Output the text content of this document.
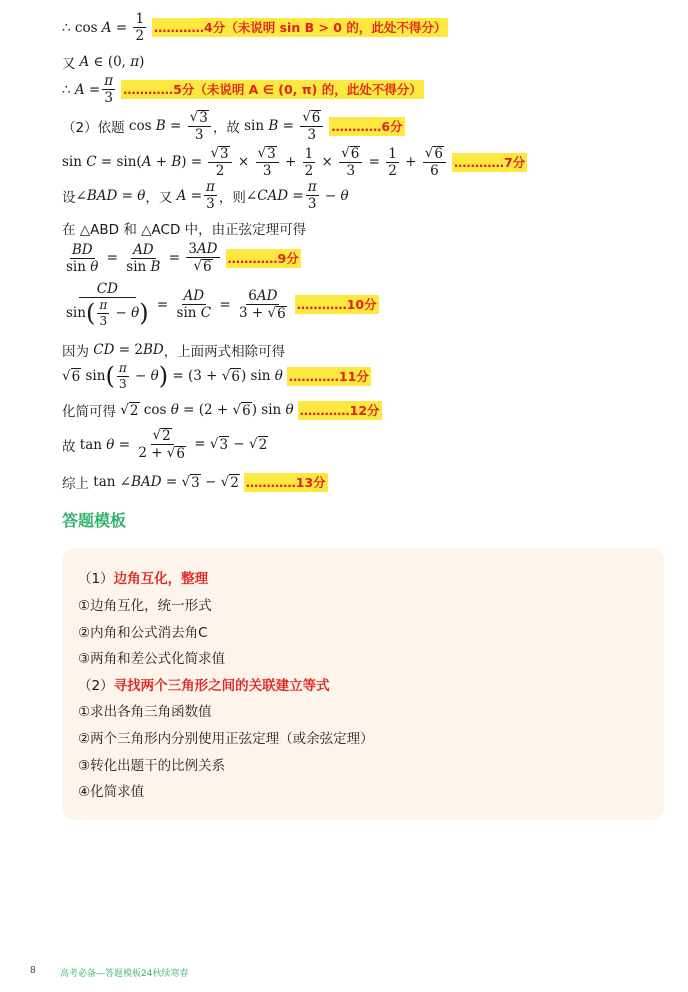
∴ $\cos A = \frac{1}{2}$ …………4分（未说明 sin B > 0 的，此处不得分）
又 A ∈ (0, π)
∴ $A = \frac{\pi}{3}$ …………5分（未说明 A ∈ (0, π) 的，此处不得分）
（2）依题 $\cos B = \frac{√ 3}{3}$ ，故 $\sin B = \frac{√ 6}{3}$ …………6分
$\sin C = \sin(A + B) = \frac{√ 3}{2} \times \frac{√ 3}{3} + \frac{1}{2} \times \frac{√ 6}{3} = \frac{1}{2} + \frac{√ 6}{6}$ …………7分
设 ∠BAD = θ ，又 $A = \frac{\pi}{3}$ ，则 ∠CAD = $\frac{\pi}{3} - \theta$
在 △ABD 和 △ACD 中，由正弦定理可得
$\frac{BD}{\text{sin θ}} = \frac{AD}{\text{sin B}} = \frac{3AD}{√ 6}$ …………9分
$\frac{CD}{\sin ( \frac{\pi}{3} - \theta )} = \frac{AD}{\text{sin C}} = \frac{6AD}{3 + √ 6}$ …………10分
因为 CD = 2BD ，上面两式相除可得
√ 6 sin ( $\frac{\pi}{3} - \theta$ ) = (3 + √ 6 ) sin θ …………11分
化简可得
√ 2 cos θ = (2 + √ 6 ) sin θ …………12分
故 $\tan \theta = \frac{√ 2}{2 + √ 6}$ = √ 3 − √ 2
综上 tan ∠BAD = √ 3 − √ 2 …………13分
答题模板
（1）边角互化，整理
①边角互化，统一形式
②内角和公式消去角C
③两角和差公式化简求值
（2）寻找两个三角形之间的关联建立等式
①求出各角三角函数值
②两个三角形内分别使用正弦定理（或余弦定理）
③转化出题干的比例关系
④化简求值
8	高考必备—答题模板24秋续寒春
